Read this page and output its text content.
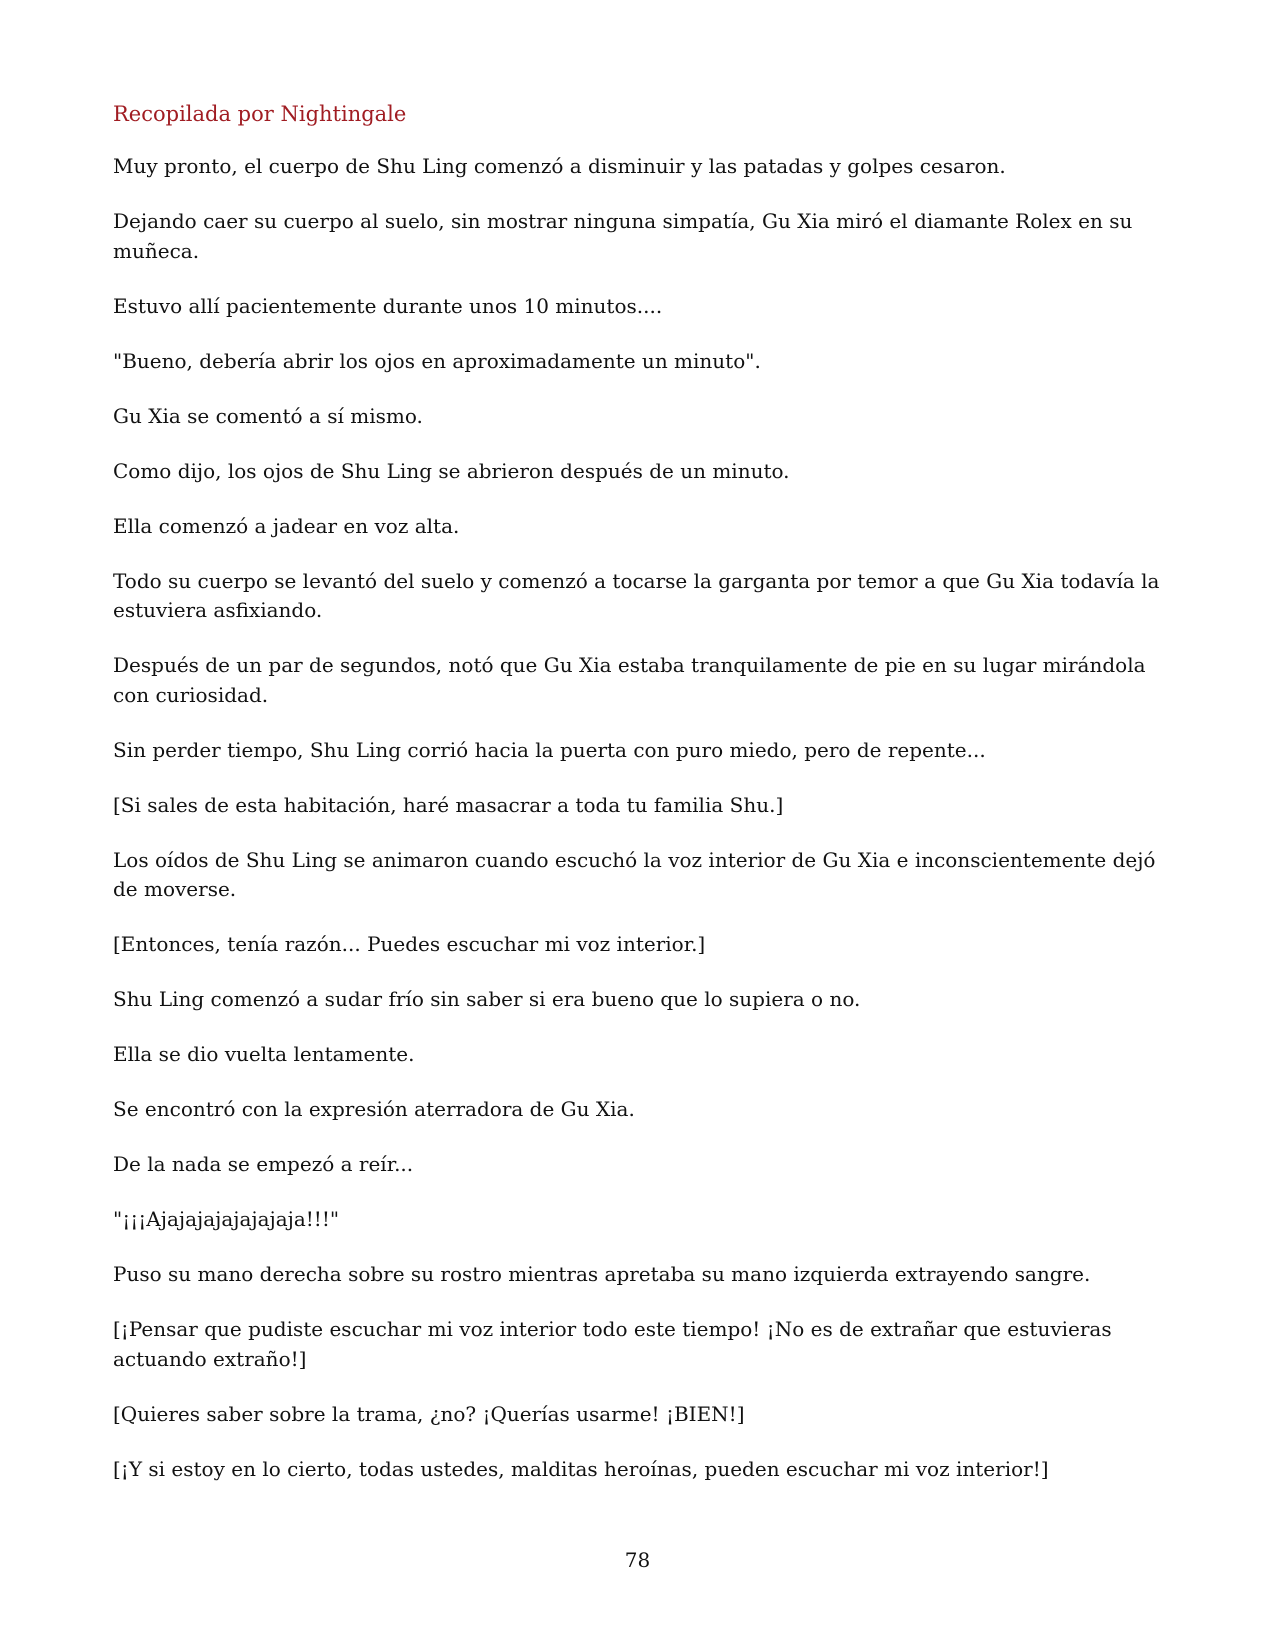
Recopilada por Nightingale

Muy pronto, el cuerpo de Shu Ling comenzó a disminuir y las patadas y golpes cesaron.

Dejando caer su cuerpo al suelo, sin mostrar ninguna simpatía, Gu Xia miró el diamante Rolex en su muñeca.

Estuvo allí pacientemente durante unos 10 minutos....

"Bueno, debería abrir los ojos en aproximadamente un minuto".

Gu Xia se comentó a sí mismo.

Como dijo, los ojos de Shu Ling se abrieron después de un minuto.

Ella comenzó a jadear en voz alta.

Todo su cuerpo se levantó del suelo y comenzó a tocarse la garganta por temor a que Gu Xia todavía la estuviera asfixiando.

Después de un par de segundos, notó que Gu Xia estaba tranquilamente de pie en su lugar mirándola con curiosidad.

Sin perder tiempo, Shu Ling corrió hacia la puerta con puro miedo, pero de repente...

[Si sales de esta habitación, haré masacrar a toda tu familia Shu.]

Los oídos de Shu Ling se animaron cuando escuchó la voz interior de Gu Xia e inconscientemente dejó de moverse.

[Entonces, tenía razón... Puedes escuchar mi voz interior.]

Shu Ling comenzó a sudar frío sin saber si era bueno que lo supiera o no.

Ella se dio vuelta lentamente.

Se encontró con la expresión aterradora de Gu Xia.

De la nada se empezó a reír...

"¡¡¡Ajajajajajajajaja!!!"

Puso su mano derecha sobre su rostro mientras apretaba su mano izquierda extrayendo sangre.

[¡Pensar que pudiste escuchar mi voz interior todo este tiempo! ¡No es de extrañar que estuvieras actuando extraño!]

[Quieres saber sobre la trama, ¿no? ¡Querías usarme! ¡BIEN!]

[¡Y si estoy en lo cierto, todas ustedes, malditas heroínas, pueden escuchar mi voz interior!]

78
